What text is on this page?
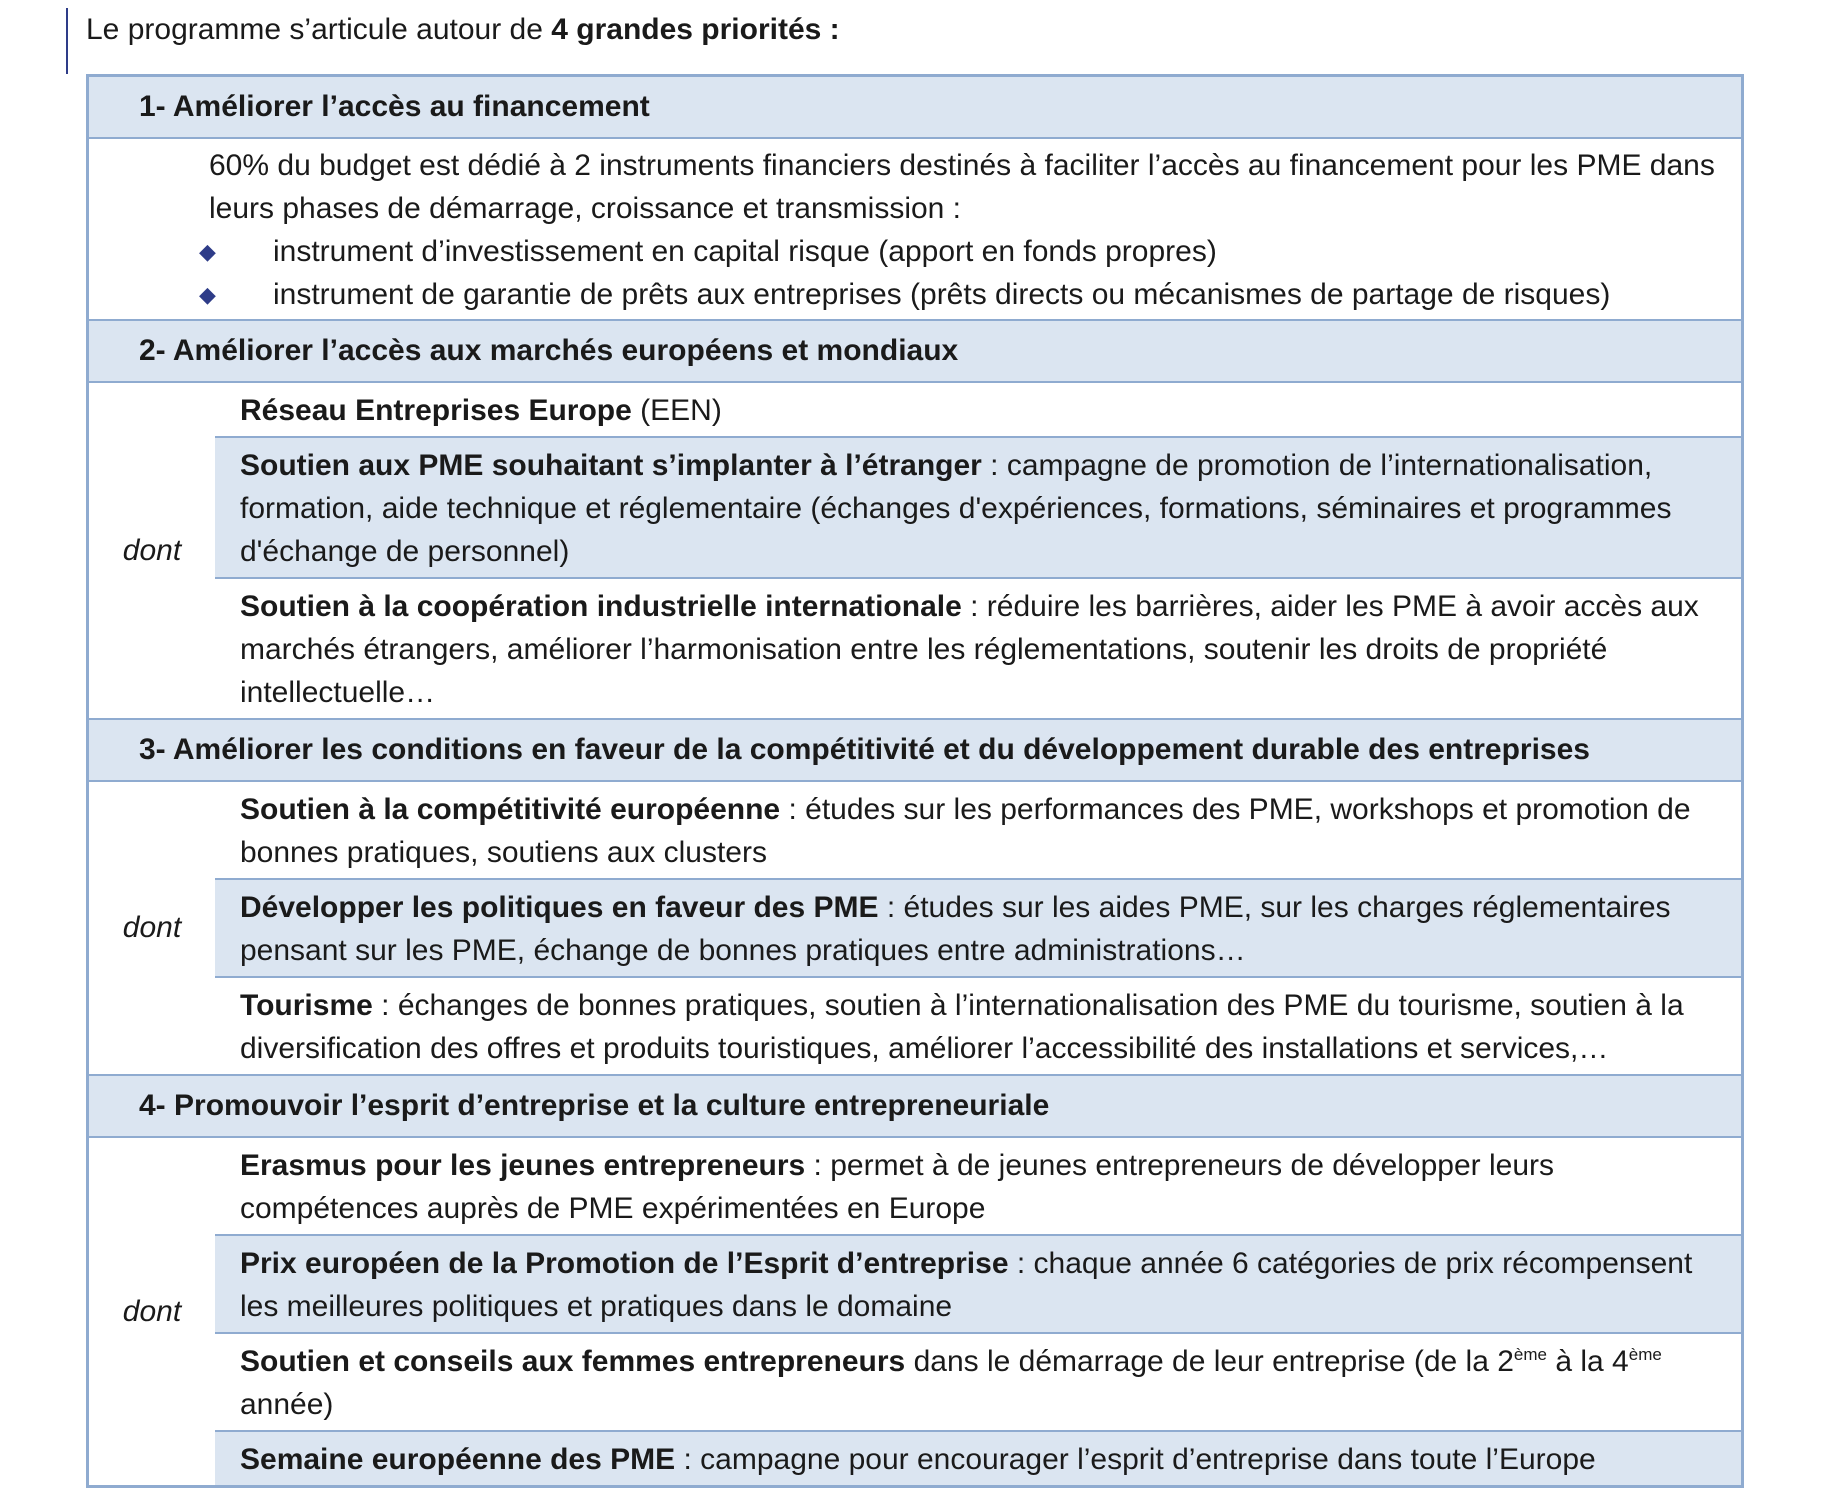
Le programme s’articule autour de 4 grandes priorités :
1- Améliorer l’accès au financement
60% du budget est dédié à 2 instruments financiers destinés à faciliter l’accès au financement pour les PME dans leurs phases de démarrage, croissance et transmission :
◆	instrument d’investissement en capital risque (apport en fonds propres)
◆	instrument de garantie de prêts aux entreprises (prêts directs ou mécanismes de partage de risques)
2- Améliorer l’accès aux marchés européens et mondiaux
dont
Réseau Entreprises Europe (EEN)
Soutien aux PME souhaitant s’implanter à l’étranger : campagne de promotion de l’internationalisation, formation, aide technique et réglementaire (échanges d'expériences, formations, séminaires et programmes d'échange de personnel)
Soutien à la coopération industrielle internationale : réduire les barrières, aider les PME à avoir accès aux marchés étrangers, améliorer l’harmonisation entre les réglementations, soutenir les droits de propriété intellectuelle…
3- Améliorer les conditions en faveur de la compétitivité et du développement durable des entreprises
dont
Soutien à la compétitivité européenne : études sur les performances des PME, workshops et promotion de bonnes pratiques, soutiens aux clusters
Développer les politiques en faveur des PME : études sur les aides PME, sur les charges réglementaires pensant sur les PME, échange de bonnes pratiques entre administrations…
Tourisme : échanges de bonnes pratiques, soutien à l’internationalisation des PME du tourisme, soutien à la diversification des offres et produits touristiques, améliorer l’accessibilité des installations et services,…
4- Promouvoir l’esprit d’entreprise et la culture entrepreneuriale
dont
Erasmus pour les jeunes entrepreneurs : permet à de jeunes entrepreneurs de développer leurs compétences auprès de PME expérimentées en Europe
Prix européen de la Promotion de l’Esprit d’entreprise : chaque année 6 catégories de prix récompensent les meilleures politiques et pratiques dans le domaine
Soutien et conseils aux femmes entrepreneurs dans le démarrage de leur entreprise (de la 2ème à la 4ème année)
Semaine européenne des PME : campagne pour encourager l’esprit d’entreprise dans toute l’Europe
